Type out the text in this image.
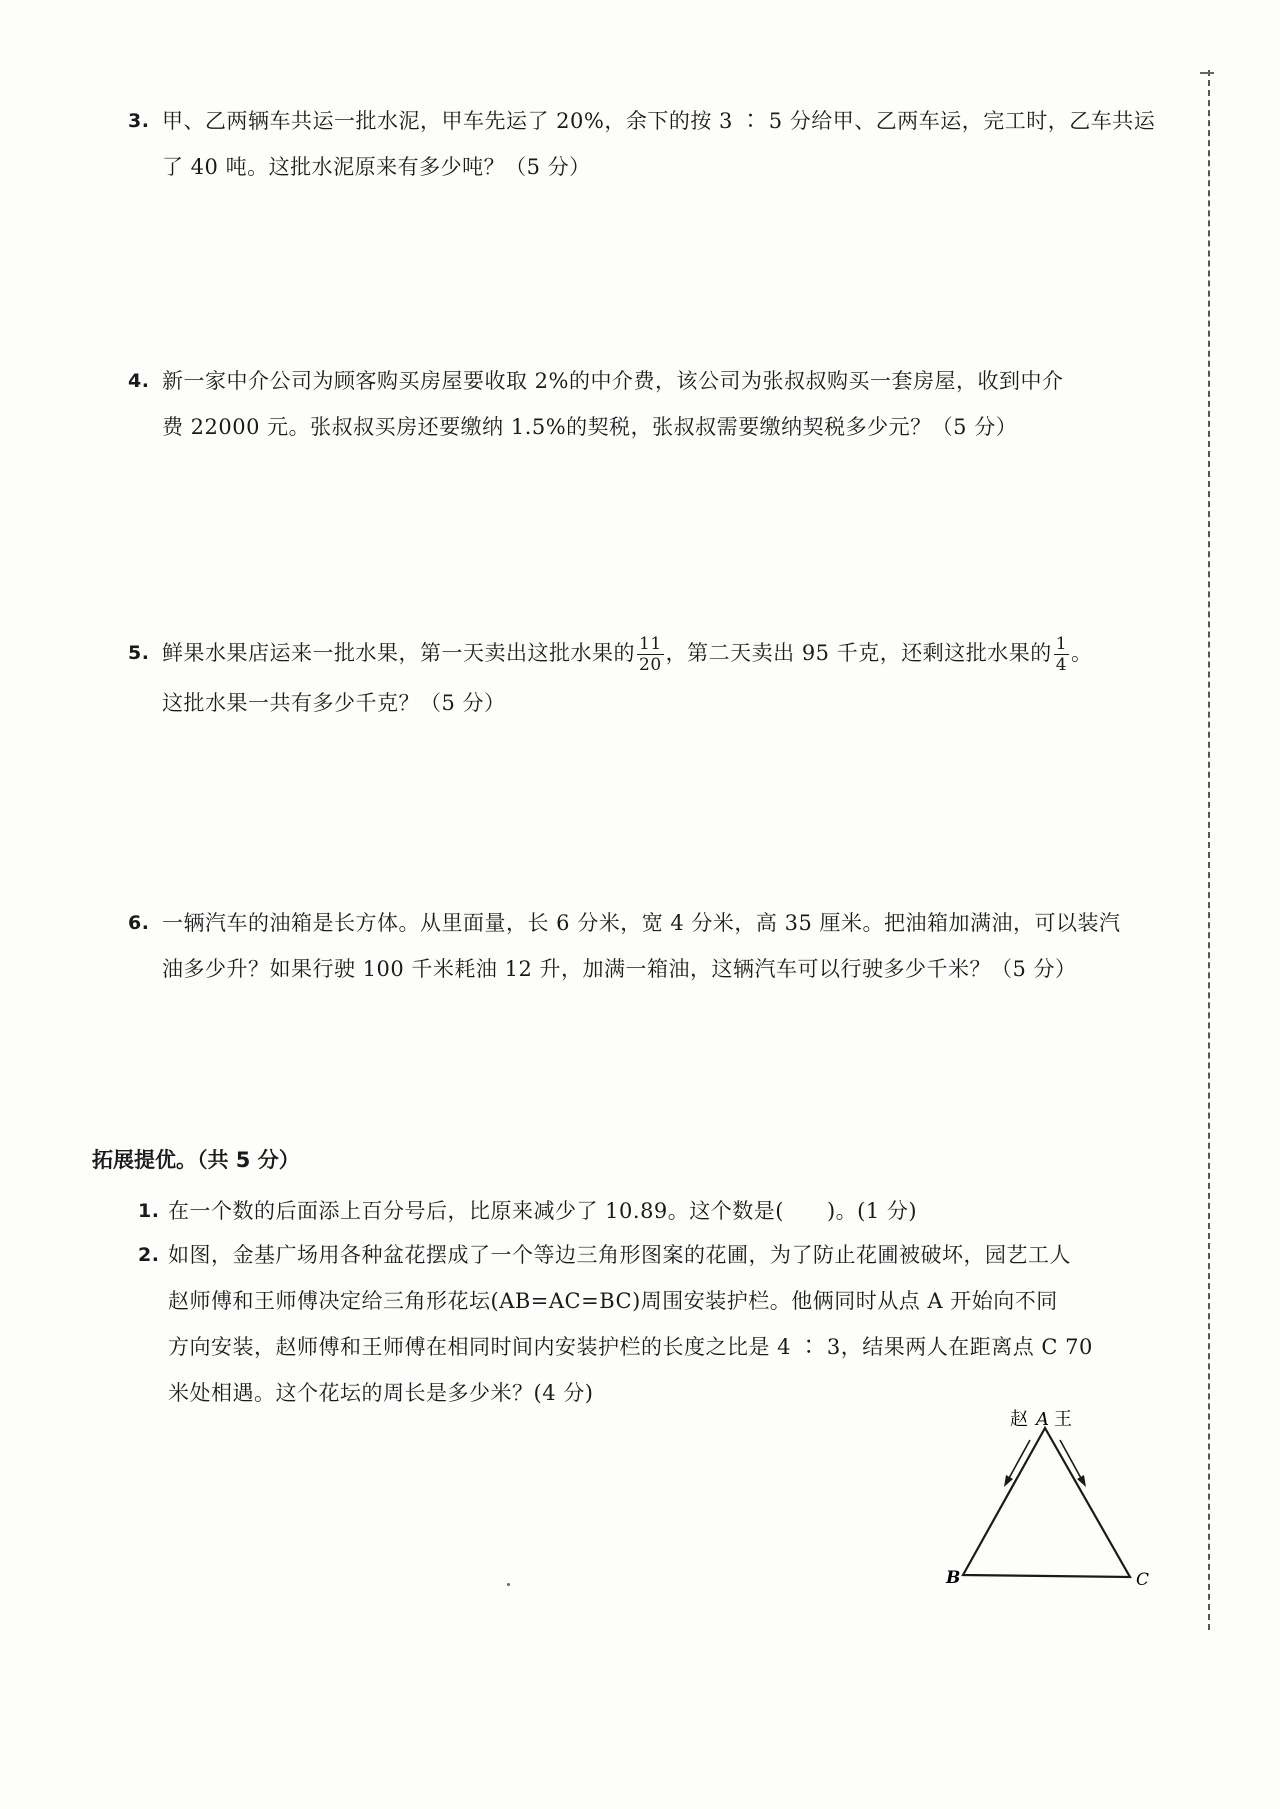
3. 甲、乙两辆车共运一批水泥，甲车先运了 20%，余下的按 3 ∶ 5 分给甲、乙两车运，完工时，乙车共运
了 40 吨。这批水泥原来有多少吨？（5 分）
4. 新一家中介公司为顾客购买房屋要收取 2%的中介费，该公司为张叔叔购买一套房屋，收到中介
费 22000 元。张叔叔买房还要缴纳 1.5%的契税，张叔叔需要缴纳契税多少元？（5 分）
5. 鲜果水果店运来一批水果，第一天卖出这批水果的 $\frac{11}{20}$ ，第二天卖出 95 千克，还剩这批水果的 $\frac{1}{4}$ 。
这批水果一共有多少千克？（5 分）
6. 一辆汽车的油箱是长方体。从里面量，长 6 分米，宽 4 分米，高 35 厘米。把油箱加满油，可以装汽
油多少升？如果行驶 100 千米耗油 12 升，加满一箱油，这辆汽车可以行驶多少千米？（5 分）
拓展提优。（共 5 分）
1. 在一个数的后面添上百分号后，比原来减少了 10.89。这个数是(　　)。(1 分)
2. 如图，金基广场用各种盆花摆成了一个等边三角形图案的花圃，为了防止花圃被破坏，园艺工人
赵师傅和王师傅决定给三角形花坛(AB=AC=BC)周围安装护栏。他俩同时从点 A 开始向不同
方向安装，赵师傅和王师傅在相同时间内安装护栏的长度之比是 4 ∶ 3，结果两人在距离点 C 70
米处相遇。这个花坛的周长是多少米？(4 分)
赵 A 王
B	C
